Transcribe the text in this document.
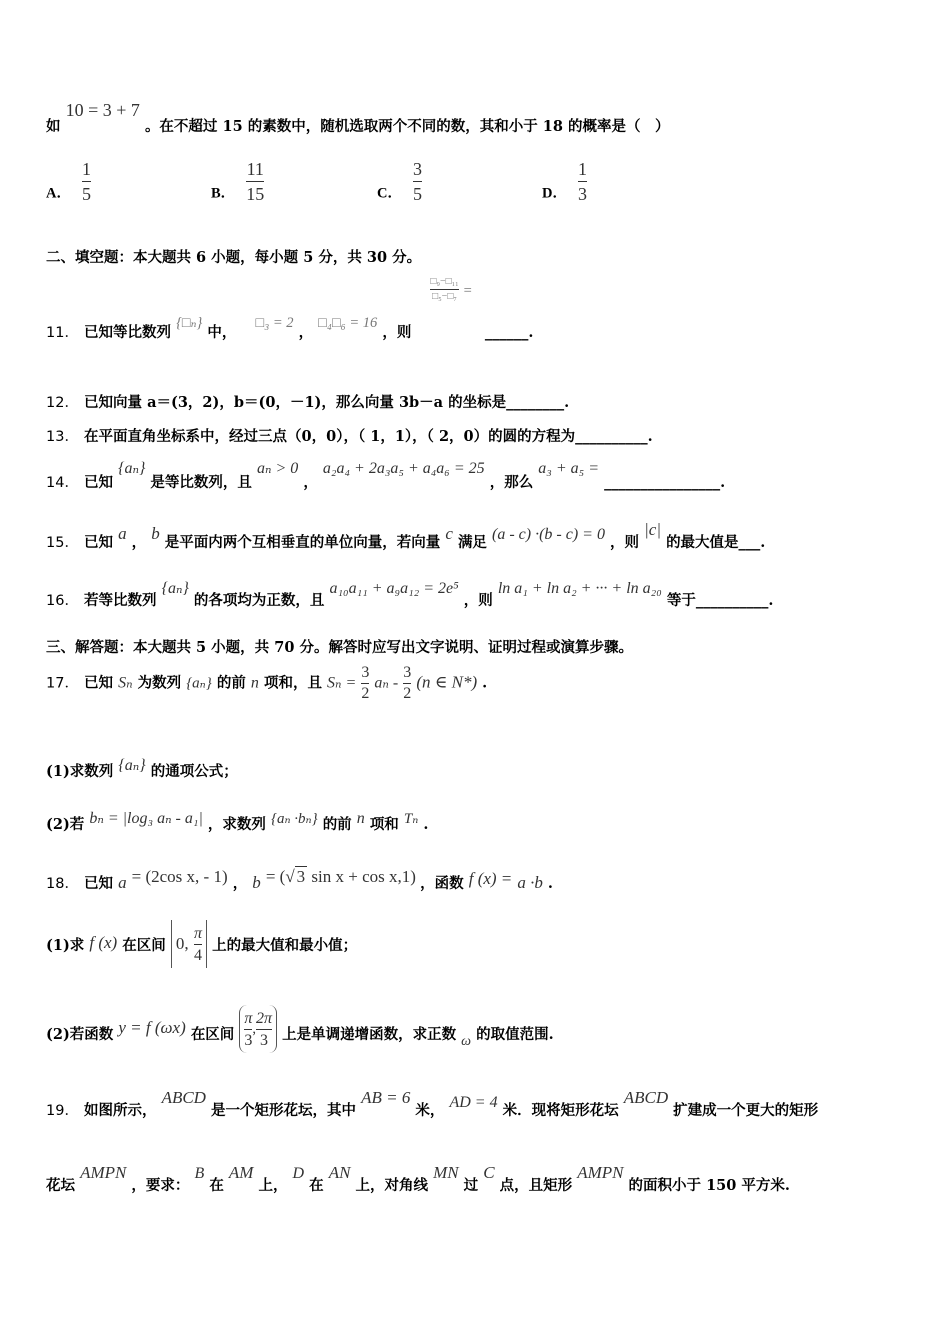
如 10 = 3 + 7 。在不超过 15 的素数中，随机选取两个不同的数，其和小于 18 的概率是（　）
A． $\frac{1}{5}$	B． $\frac{11}{15}$	C． $\frac{3}{5}$	D． $\frac{1}{3}$
二、填空题：本大题共 6 小题，每小题 5 分，共 30 分。
11． 已知等比数列 {□ₙ} 中， □₃ = 2 ， □₄□₆ = 16 ，则 $\frac{\text{□₉−□₁₁}}{\text{□₅−□₇}}$ = ______.
12． 已知向量 a＝(3，2)，b＝(0，－1)，那么向量 3b－a 的坐标是________.
13． 在平面直角坐标系中，经过三点（0，0），（ 1，1），（ 2，0）的圆的方程为__________.
14． 已知 {aₙ} 是等比数列，且 aₙ > 0 ， a₂a₄ + 2a₃a₅ + a₄a₆ = 25 ，那么 a₃ + a₅ = ________________.
15． 已知 a ， b 是平面内两个互相垂直的单位向量，若向量 c 满足 (a - c) ·(b - c) = 0 ，则 |c| 的最大值是___.
16． 若等比数列 {aₙ} 的各项均为正数，且 a₁₀a₁₁ + a₉a₁₂ = 2e⁵ ，则 ln a₁ + ln a₂ + ··· + ln a₂₀ 等于__________.
三、解答题：本大题共 5 小题，共 70 分。解答时应写出文字说明、证明过程或演算步骤。
17． 已知 Sₙ 为数列 {aₙ} 的前 n 项和，且 $S_n = \frac{3}{2}$ aₙ - $\frac{3}{2} (n$ ∈ N*) .
(1)求数列 {aₙ} 的通项公式；
(2)若 bₙ = |log₃ aₙ - a₁| ，求数列 {aₙ ·bₙ} 的前 n 项和 Tₙ .
18． 已知 a = (2cos x, - 1) ， b = (√ 3 sin x + cos x,1) ，函数 f (x) = a ·b .
(1)求 f (x) 在区间 0, $\frac{\pi}{4}$ 上的最大值和最小值；
(2)若函数 y = f (ωx) 在区间 $\frac{\pi}{3},\frac{2\pi}{3}$ 上是单调递增函数，求正数 ω 的取值范围.
19． 如图所示， ABCD 是一个矩形花坛，其中 AB = 6 米， AD = 4 米．现将矩形花坛 ABCD 扩建成一个更大的矩形
花坛 AMPN ，要求： B 在 AM 上， D 在 AN 上，对角线 MN 过 C 点，且矩形 AMPN 的面积小于 150 平方米.
